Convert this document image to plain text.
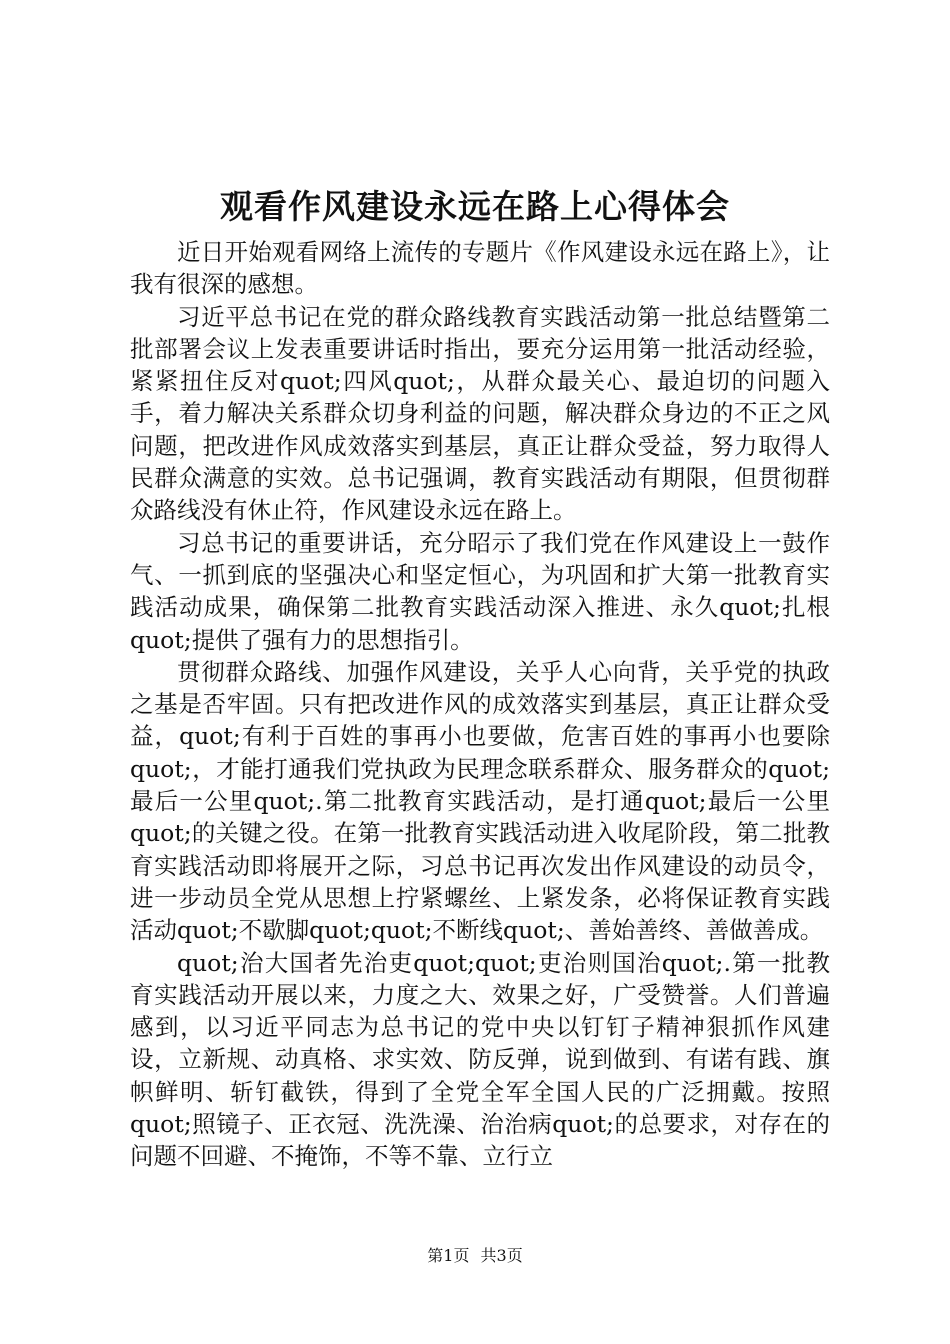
观看作风建设永远在路上心得体会

近日开始观看网络上流传的专题片《作风建设永远在路上》，让我有很深的感想。

习近平总书记在党的群众路线教育实践活动第一批总结暨第二批部署会议上发表重要讲话时指出，要充分运用第一批活动经验，紧紧扭住反对quot;四风quot;，从群众最关心、最迫切的问题入手，着力解决关系群众切身利益的问题，解决群众身边的不正之风问题，把改进作风成效落实到基层，真正让群众受益，努力取得人民群众满意的实效。总书记强调，教育实践活动有期限，但贯彻群众路线没有休止符，作风建设永远在路上。

习总书记的重要讲话，充分昭示了我们党在作风建设上一鼓作气、一抓到底的坚强决心和坚定恒心，为巩固和扩大第一批教育实践活动成果，确保第二批教育实践活动深入推进、永久quot;扎根quot;提供了强有力的思想指引。

贯彻群众路线、加强作风建设，关乎人心向背，关乎党的执政之基是否牢固。只有把改进作风的成效落实到基层，真正让群众受益，quot;有利于百姓的事再小也要做，危害百姓的事再小也要除quot;，才能打通我们党执政为民理念联系群众、服务群众的quot;最后一公里quot;.第二批教育实践活动，是打通quot;最后一公里quot;的关键之役。在第一批教育实践活动进入收尾阶段，第二批教育实践活动即将展开之际，习总书记再次发出作风建设的动员令，进一步动员全党从思想上拧紧螺丝、上紧发条，必将保证教育实践活动quot;不歇脚quot;quot;不断线quot;、善始善终、善做善成。

quot;治大国者先治吏quot;quot;吏治则国治quot;.第一批教育实践活动开展以来，力度之大、效果之好，广受赞誉。人们普遍感到，以习近平同志为总书记的党中央以钉钉子精神狠抓作风建设，立新规、动真格、求实效、防反弹，说到做到、有诺有践、旗帜鲜明、斩钉截铁，得到了全党全军全国人民的广泛拥戴。按照quot;照镜子、正衣冠、洗洗澡、治治病quot;的总要求，对存在的问题不回避、不掩饰，不等不靠、立行立

第1页 共3页
